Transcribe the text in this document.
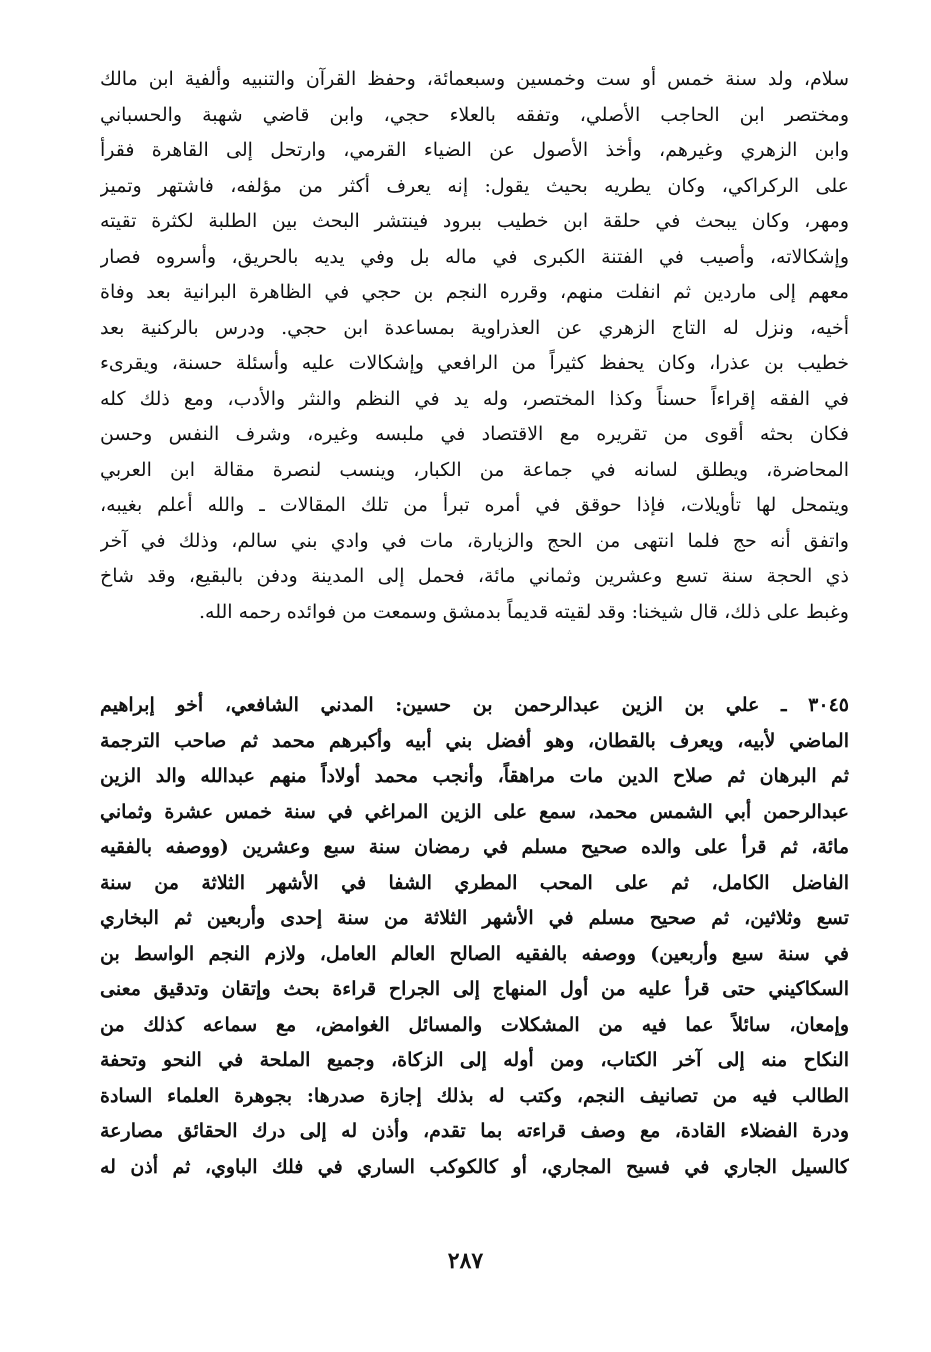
سلام، ولد سنة خمس أو ست وخمسين وسبعمائة، وحفظ القرآن والتنبيه وألفية ابن مالك
ومختصر ابن الحاجب الأصلي، وتفقه بالعلاء حجي، وابن قاضي شهبة والحسباني
وابن الزهري وغيرهم، وأخذ الأصول عن الضياء القرمي، وارتحل إلى القاهرة فقرأ
على الركراكي، وكان يطريه بحيث يقول: إنه يعرف أكثر من مؤلفه، فاشتهر وتميز
ومهر، وكان يبحث في حلقة ابن خطيب ببرود فينتشر البحث بين الطلبة لكثرة تقيته
وإشكالاته، وأصيب في الفتنة الكبرى في ماله بل وفي يديه بالحريق، وأسروه فصار
معهم إلى ماردين ثم انفلت منهم، وقرره النجم بن حجي في الظاهرة البرانية بعد وفاة
أخيه، ونزل له التاج الزهري عن العذراوية بمساعدة ابن حجي. ودرس بالركنية بعد
خطيب بن عذرا، وكان يحفظ كثيراً من الرافعي وإشكالات عليه وأسئلة حسنة، ويقرىء
في الفقه إقراءاً حسناً وكذا المختصر، وله يد في النظم والنثر والأدب، ومع ذلك كله
فكان بحثه أقوى من تقريره مع الاقتصاد في ملبسه وغيره، وشرف النفس وحسن
المحاضرة، ويطلق لسانه في جماعة من الكبار، وينسب لنصرة مقالة ابن العربي
ويتمحل لها تأويلات، فإذا حوقق في أمره تبرأ من تلك المقالات ـ والله أعلم بغيبه،
واتفق أنه حج فلما انتهى من الحج والزيارة، مات في وادي بني سالم، وذلك في آخر
ذي الحجة سنة تسع وعشرين وثماني مائة، فحمل إلى المدينة ودفن بالبقيع، وقد شاخ
وغبط على ذلك، قال شيخنا: وقد لقيته قديماً بدمشق وسمعت من فوائده رحمه الله.
٣٠٤٥ ـ علي بن الزين عبدالرحمن بن حسين: المدني الشافعي، أخو إبراهيم
الماضي لأبيه، ويعرف بالقطان، وهو أفضل بني أبيه وأكبرهم محمد ثم صاحب الترجمة
ثم البرهان ثم صلاح الدين مات مراهقاً، وأنجب محمد أولاداً منهم عبدالله والد الزين
عبدالرحمن أبي الشمس محمد، سمع على الزين المراغي في سنة خمس عشرة وثماني
مائة، ثم قرأ على والده صحيح مسلم في رمضان سنة سبع وعشرين (ووصفه بالفقيه
الفاضل الكامل، ثم على المحب المطري الشفا في الأشهر الثلاثة من سنة
تسع وثلاثين، ثم صحيح مسلم في الأشهر الثلاثة من سنة إحدى وأربعين ثم البخاري
في سنة سبع وأربعين) ووصفه بالفقيه الصالح العالم العامل، ولازم النجم الواسط بن
السكاكيني حتى قرأ عليه من أول المنهاج إلى الجراح قراءة بحث وإتقان وتدقيق معنى
وإمعان، سائلاً عما فيه من المشكلات والمسائل الغوامض، مع سماعه كذلك من
النكاح منه إلى آخر الكتاب، ومن أوله إلى الزكاة، وجميع الملحة في النحو وتحفة
الطالب فيه من تصانيف النجم، وكتب له بذلك إجازة صدرها: بجوهرة العلماء السادة
ودرة الفضلاء القادة، مع وصف قراءته بما تقدم، وأذن له إلى درك الحقائق مصارعة
كالسيل الجاري في فسيح المجاري، أو كالكوكب الساري في فلك الباوي، ثم أذن له
٢٨٧
